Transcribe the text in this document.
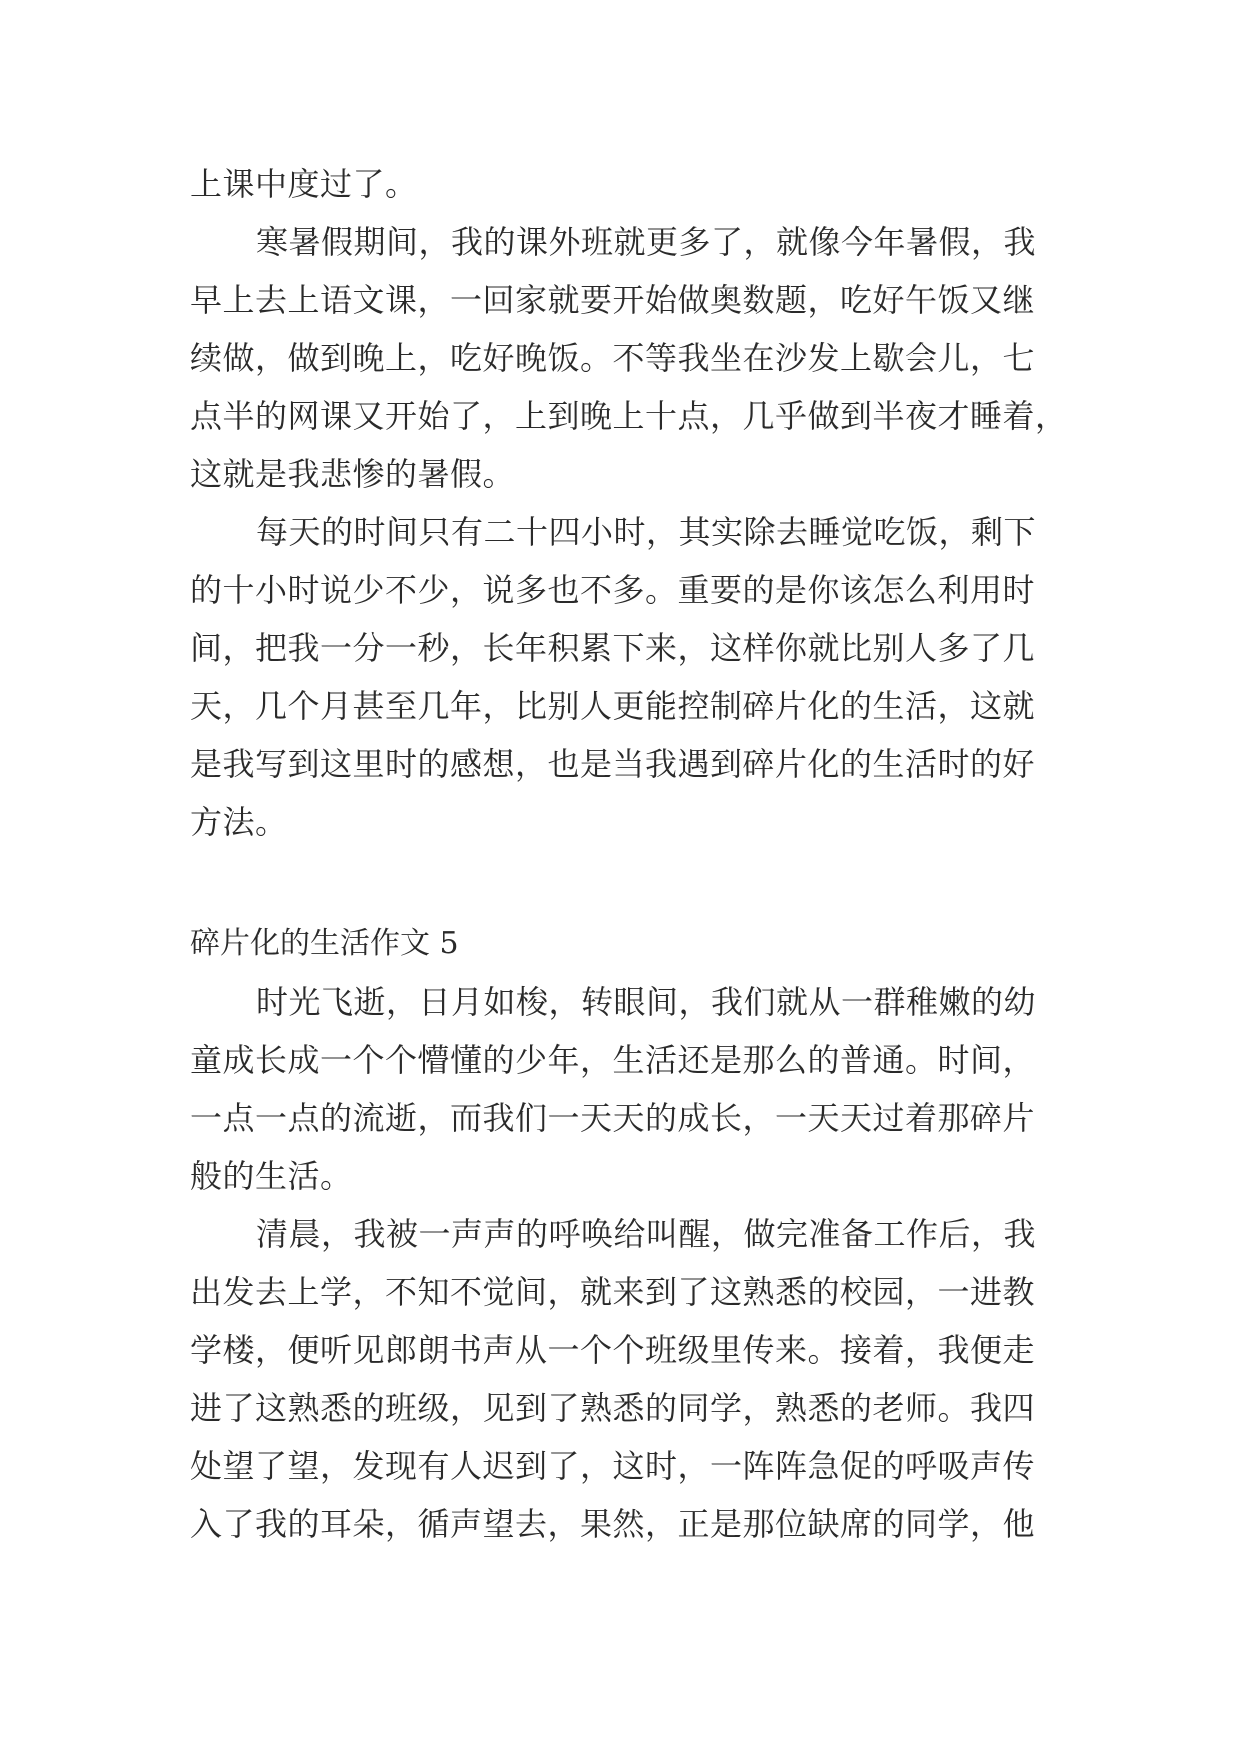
上课中度过了。
寒暑假期间，我的课外班就更多了，就像今年暑假，我
早上去上语文课，一回家就要开始做奥数题，吃好午饭又继
续做，做到晚上，吃好晚饭。不等我坐在沙发上歇会儿，七
点半的网课又开始了，上到晚上十点，几乎做到半夜才睡着，
这就是我悲惨的暑假。
每天的时间只有二十四小时，其实除去睡觉吃饭，剩下
的十小时说少不少，说多也不多。重要的是你该怎么利用时
间，把我一分一秒，长年积累下来，这样你就比别人多了几
天，几个月甚至几年，比别人更能控制碎片化的生活，这就
是我写到这里时的感想，也是当我遇到碎片化的生活时的好
方法。
碎片化的生活作文 5
时光飞逝，日月如梭，转眼间，我们就从一群稚嫩的幼
童成长成一个个懵懂的少年，生活还是那么的普通。时间，
一点一点的流逝，而我们一天天的成长，一天天过着那碎片
般的生活。
清晨，我被一声声的呼唤给叫醒，做完准备工作后，我
出发去上学，不知不觉间，就来到了这熟悉的校园，一进教
学楼，便听见郎朗书声从一个个班级里传来。接着，我便走
进了这熟悉的班级，见到了熟悉的同学，熟悉的老师。我四
处望了望，发现有人迟到了，这时，一阵阵急促的呼吸声传
入了我的耳朵，循声望去，果然，正是那位缺席的同学，他
